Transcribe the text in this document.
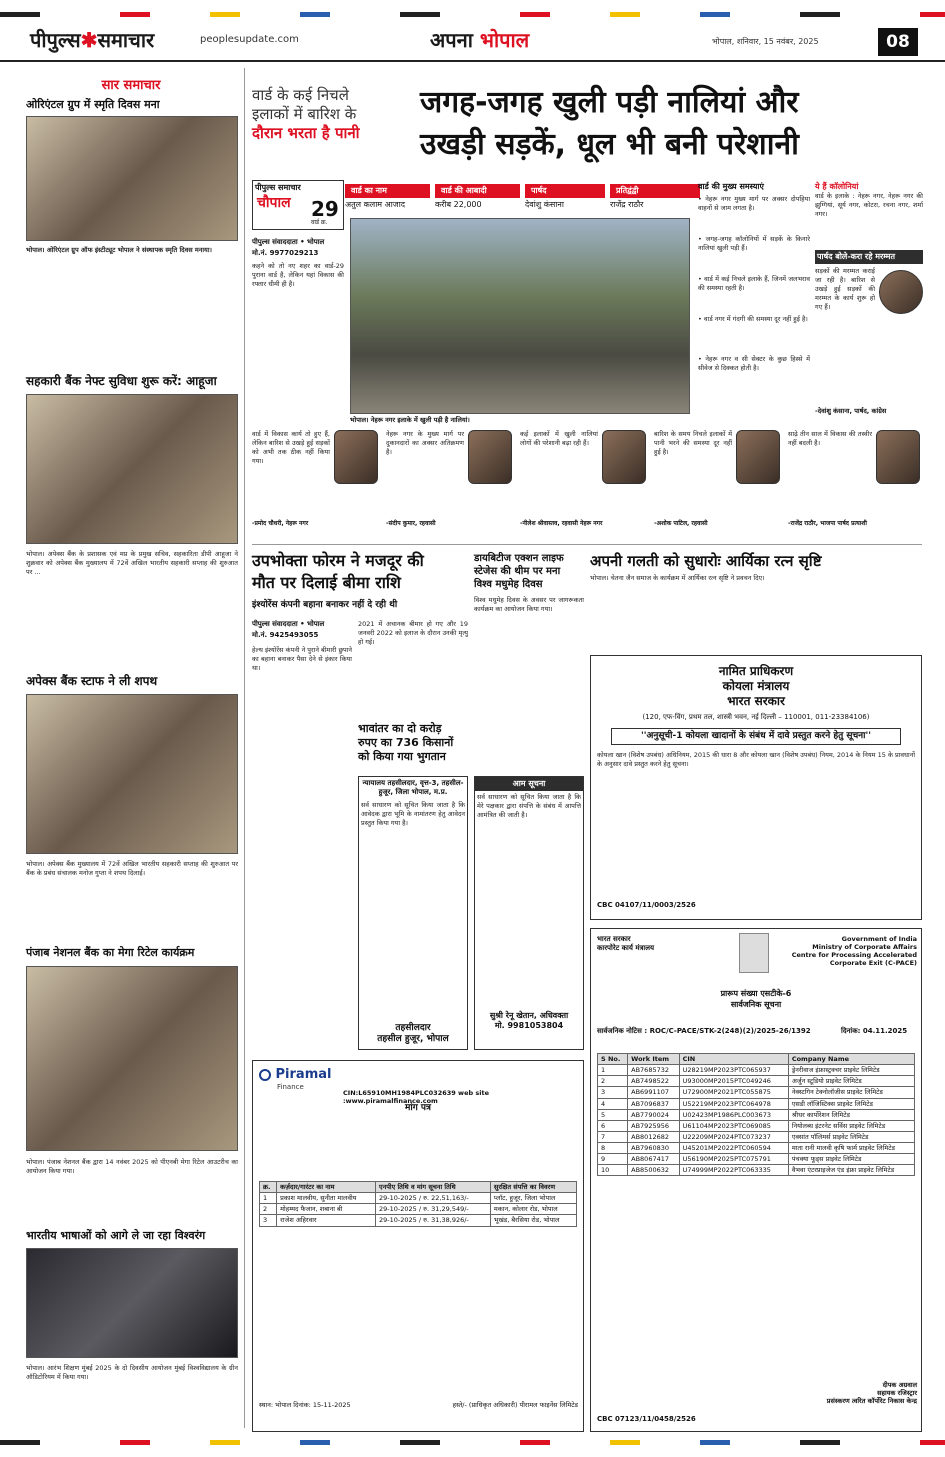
पीपुल्स✱समाचार	peoplesupdate.com	अपना भोपाल	भोपाल, शनिवार, 15 नवंबर, 2025	08
सार समाचार
ओरिएंटल ग्रुप में स्मृति दिवस मना
भोपाल। ओरिएंटल ग्रुप ऑफ इंस्टीट्यूट भोपाल ने संस्थापक स्मृति दिवस मनाया।
सहकारी बैंक नेफ्ट सुविधा शुरू करें: आहूजा
भोपाल। अपेक्स बैंक के प्रशासक एवं मप्र के प्रमुख सचिव, सहकारिता डीपी आहूजा ने शुक्रवार को अपेक्स बैंक मुख्यालय में 72वें अखिल भारतीय सहकारी सप्ताह की शुरुआत पर ...
अपेक्स बैंक स्टाफ ने ली शपथ
भोपाल। अपेक्स बैंक मुख्यालय में 72वें अखिल भारतीय सहकारी सप्ताह की शुरुआत पर बैंक के प्रबंध संचालक मनोज गुप्ता ने शपथ दिलाई।
पंजाब नेशनल बैंक का मेगा रिटेल कार्यक्रम
भोपाल। पंजाब नेशनल बैंक द्वारा 14 नवंबर 2025 को पीएनबी मेगा रिटेल आउटरीच का आयोजन किया गया।
भारतीय भाषाओं को आगे ले जा रहा विश्वरंग
भोपाल। आरंभ शिक्षण मुंबई 2025 के दो दिवसीय आयोजन मुंबई विश्वविद्यालय के ग्रीन ऑडिटोरियम में किया गया।
वार्ड के कई निचले
इलाकों में बारिश के
दौरान भरता है पानी
जगह-जगह खुली पड़ी नालियां और
उखड़ी सड़कें, धूल भी बनी परेशानी
पीपुल्स समाचार
चौपाल	29
वार्ड क्र.
पीपुल्स संवाददाता • भोपाल
मो.नं. 9977029213
वार्ड का नाम
अतुल कलाम आजाद
वार्ड की आबादी
करीब 22,000
पार्षद
देवांशु कंसाना
प्रतिद्वंद्वी
राजेंद्र राठौर
कहने को तो नए शहर का वार्ड-29 पुराना वार्ड है, लेकिन यहां विकास की रफ्तार धीमी ही है।
भोपाल। नेहरू नगर इलाके में खुली पड़ी है नालियां।
वार्ड की मुख्य समस्याएं
• नेहरू नगर मुख्य मार्ग पर अक्सर दोपहिया वाहनों से जाम लगता है।
• जगह-जगह कॉलोनियों में सड़कें के किनारे नालियां खुली पड़ी हैं।
• वार्ड में कई निचले इलाके हैं, जिनमें जलभराव की समस्या रहती है।
• वार्ड नगर में गंदगी की समस्या दूर नहीं हुई है।
• नेहरू नगर व सी सेक्टर के कुछ हिस्से में सीवेज से दिक्कत होती है।
ये हैं कॉलोनियां
वार्ड के इलाके : नेहरू नगर, नेहरू नगर की झुग्गियां, सूर्य नगर, कोटरा, रचना नगर, शर्मा नगर।
पार्षद बोले-करा रहे मरम्मत
सड़कों की मरम्मत कराई जा रही है। बारिश से उखड़े हुई सड़कों की मरम्मत के कार्य शुरू हो गए हैं।
-देवांशु कंसाना, पार्षद, कांग्रेस
वार्ड में विकास कार्य तो हुए हैं, लेकिन बारिश से उखड़े हुई सड़कों को अभी तक ठीक नहीं किया गया।
-प्रमोद चौधरी, नेहरू नगर
नेहरू नगर के मुख्य मार्ग पर दुकानदारों का अक्सर अतिक्रमण है।
-संदीप कुमार, रहवासी
कई इलाकों में खुली नालियां लोगों की परेशानी बढ़ा रही हैं।
-नीलेश श्रीवास्तव, रहवासी नेहरू नगर
बारिश के समय निचले इलाकों में पानी भरने की समस्या दूर नहीं हुई है।
-अशोक पाटिल, रहवासी
साढ़े तीन साल में विकास की तस्वीर नहीं बदली है।
-राजेंद्र राठौर, भाजपा पार्षद प्रत्याशी
उपभोक्ता फोरम ने मजदूर की
मौत पर दिलाई बीमा राशि
इंश्योरेंस कंपनी बहाना बनाकर नहीं दे रही थी
पीपुल्स संवाददाता • भोपाल
मो.नं. 9425493055
हेल्थ इंश्योरेंस कंपनी ने पुराने बीमारी छुपाने का बहाना बनाकर पैसा देने से इंकार किया था।
2021 में अचानक बीमार हो गए और 19 जनवरी 2022 को इलाज के दौरान उनकी मृत्यु हो गई।
भावांतर का दो करोड़
रुपए का 736 किसानों
को किया गया भुगतान
डायबिटीज एक्शन लाइफ
स्टेजेस की थीम पर मना
विश्व मधुमेह दिवस
विश्व मधुमेह दिवस के अवसर पर जागरूकता कार्यक्रम का आयोजन किया गया।
अपनी गलती को सुधारोः आर्यिका रत्न सृष्टि
भोपाल। चेतना जैन समाज के कार्यक्रम में आर्यिका रत्न सृष्टि ने प्रवचन दिए।
नामित प्राधिकरण
कोयला मंत्रालय
भारत सरकार
(120, एफ-विंग, प्रथम तल, शास्त्री भवन, नई दिल्ली – 110001, 011-23384106)
''अनुसूची-1 कोयला खादानों के संबंध में दावे प्रस्तुत करने हेतु सूचना''
कोयला खान (विशेष उपबंध) अधिनियम, 2015 की धारा 8 और कोयला खान (विशेष उपबंध) नियम, 2014 के नियम 15 के प्रावधानों के अनुसार दावे प्रस्तुत करने हेतु सूचना।
CBC 04107/11/0003/2526
न्यायालय तहसीलदार, वृत्त-3, तहसील-हुजूर, जिला भोपाल, म.प्र.
सर्व साधारण को सूचित किया जाता है कि आवेदक द्वारा भूमि के नामांतरण हेतु आवेदन प्रस्तुत किया गया है।
तहसीलदार
तहसील हुजूर, भोपाल
आम सूचना
सर्व साधारण को सूचित किया जाता है कि मेरे पक्षकार द्वारा संपत्ति के संबंध में आपत्ति आमंत्रित की जाती है।
सुश्री रेनू खेतान, अधिवक्ता
मो. 9981053804
Piramal
Finance
CIN:L65910MH1984PLC032639 web site :www.piramalfinance.com
मांग पत्र
क्र.	कर्ज़दार/गारंटर का नाम	एनपीए तिथि व मांग सूचना तिथि	सुरक्षित संपत्ति का विवरण
1	प्रकाश मालवीय, सुनीता मालवीय	29-10-2025 / रु. 22,51,163/-	प्लॉट, हुजूर, जिला भोपाल
2	मोहम्मद फैजान, शबाना बी	29-10-2025 / रु. 31,29,549/-	मकान, कोलार रोड, भोपाल
3	राजेश अहिरवार	29-10-2025 / रु. 31,38,926/-	भूखंड, बैरसिया रोड, भोपाल
स्थान: भोपाल दिनांक: 15-11-2025	हस्ते/- (प्राधिकृत अधिकारी) पीरामल फाइनेंस लिमिटेड
भारत सरकार
कारपोरेट कार्य मंत्रालय
Government of India
Ministry of Corporate Affairs
Centre for Processing Accelerated Corporate Exit (C-PACE)
प्रारूप संख्या एसटीके-6
सार्वजनिक सूचना
सार्वजनिक नोटिस : ROC/C-PACE/STK-2(248)(2)/2025-26/1392	दिनांक: 04.11.2025
S No.	Work Item	CIN	Company Name
1	AB7685732	U28219MP2023PTC065937	ड्रेनरीवाज इंफ्रास्ट्रक्चर प्राइवेट लिमिटेड
2	AB7498522	U93000MP2015PTC049246	अर्जुन स्टूडियो प्राइवेट लिमिटेड
3	AB6991107	U72900MP2021PTC055875	नेक्स्टगिन टेक्नोलॉजीस प्राइवेट लिमिटेड
4	AB7096837	U52219MP2023PTC064978	एसडी लॉजिस्टिक्स प्राइवेट लिमिटेड
5	AB7790024	U02423MP1986PLC003673	श्रीधर कार्पोरेशन लिमिटेड
6	AB7925956	U61104MP2023PTC069085	नियोलब्ध इंटरनेट सर्विस प्राइवेट लिमिटेड
7	AB8012682	U22209MP2024PTC073237	एक्सांत पॉलिमर्स प्राइवेट लिमिटेड
8	AB7960830	U45201MP2022PTC060594	माता रानी मालवी कृषि फार्म प्राइवेट लिमिटेड
9	AB8067417	U56190MP2025PTC075791	पंचक्या फूड्स प्राइवेट लिमिटेड
10	AB8500632	U74999MP2022PTC063335	वैभवा एंटरप्राइजेज एंड इंफ्रा प्राइवेट लिमिटेड
दीपक अग्रवाल
सहायक रजिस्ट्रार
प्रसंस्करण त्वरित कॉर्पोरेट निकास केन्द्र
CBC 07123/11/0458/2526
